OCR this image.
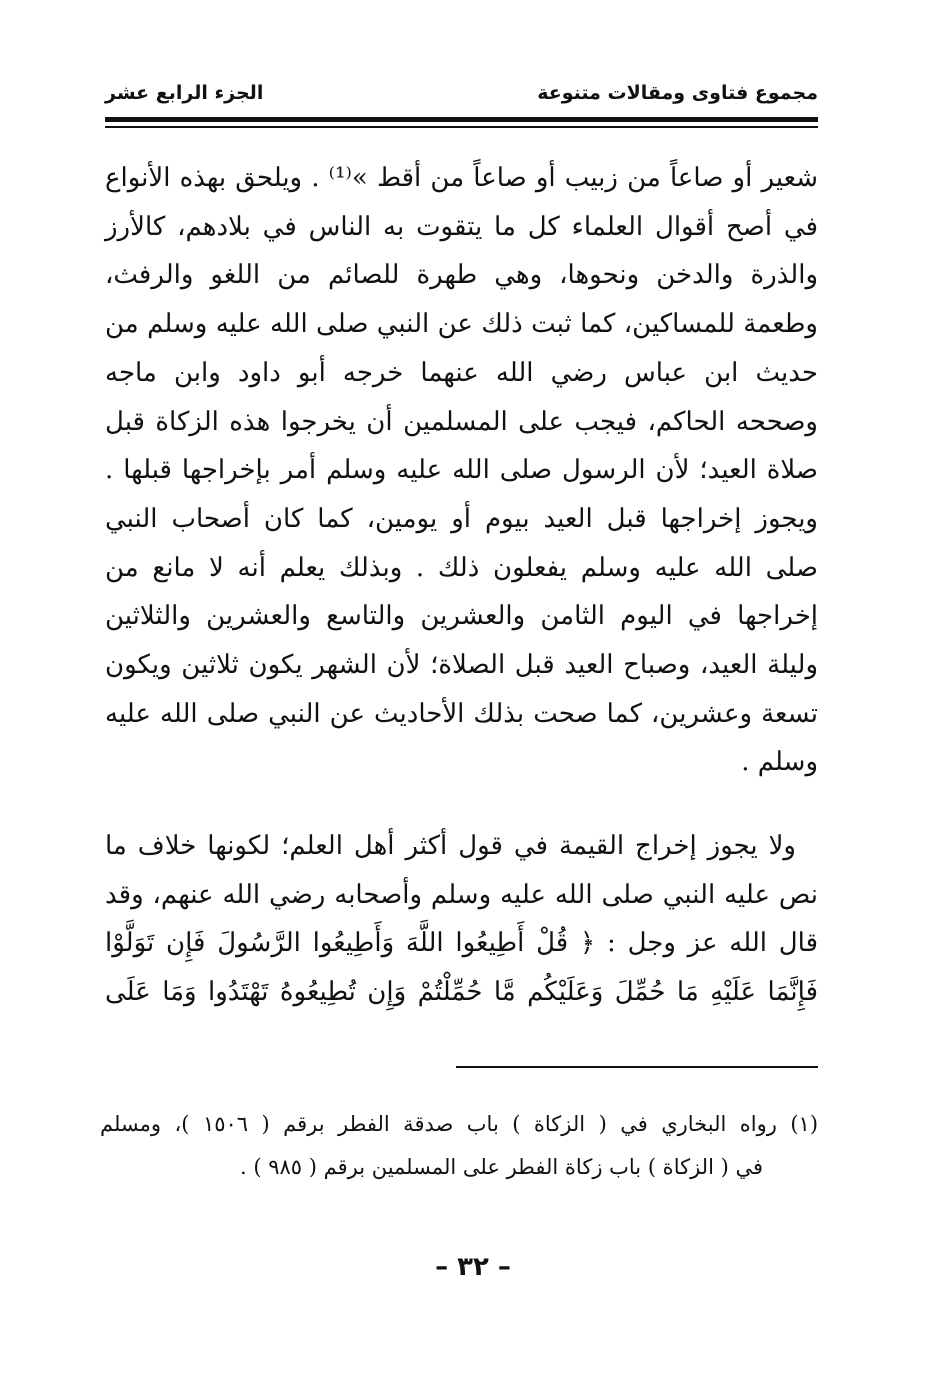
مجموع فتاوى ومقالات متنوعة
الجزء الرابع عشر
شعير أو صاعاً من زبيب أو صاعاً من أقط »⁽¹⁾ . ويلحق بهذه الأنواع في أصح أقوال العلماء كل ما يتقوت به الناس في بلادهم، كالأرز والذرة والدخن ونحوها، وهي طهرة للصائم من اللغو والرفث، وطعمة للمساكين، كما ثبت ذلك عن النبي صلى الله عليه وسلم من حديث ابن عباس رضي الله عنهما خرجه أبو داود وابن ماجه وصححه الحاكم، فيجب على المسلمين أن يخرجوا هذه الزكاة قبل صلاة العيد؛ لأن الرسول صلى الله عليه وسلم أمر بإخراجها قبلها . ويجوز إخراجها قبل العيد بيوم أو يومين، كما كان أصحاب النبي صلى الله عليه وسلم يفعلون ذلك . وبذلك يعلم أنه لا مانع من إخراجها في اليوم الثامن والعشرين والتاسع والعشرين والثلاثين وليلة العيد، وصباح العيد قبل الصلاة؛ لأن الشهر يكون ثلاثين ويكون تسعة وعشرين، كما صحت بذلك الأحاديث عن النبي صلى الله عليه وسلم .
ولا يجوز إخراج القيمة في قول أكثر أهل العلم؛ لكونها خلاف ما نص عليه النبي صلى الله عليه وسلم وأصحابه رضي الله عنهم، وقد قال الله عز وجل : ﴿ قُلْ أَطِيعُوا اللَّهَ وَأَطِيعُوا الرَّسُولَ فَإِن تَوَلَّوْا فَإِنَّمَا عَلَيْهِ مَا حُمِّلَ وَعَلَيْكُم مَّا حُمِّلْتُمْ وَإِن تُطِيعُوهُ تَهْتَدُوا وَمَا عَلَى
(١) رواه البخاري في ( الزكاة ) باب صدقة الفطر برقم ( ١٥٠٦ )، ومسلم
في ( الزكاة ) باب زكاة الفطر على المسلمين برقم ( ٩٨٥ ) .
– ٣٢ –
